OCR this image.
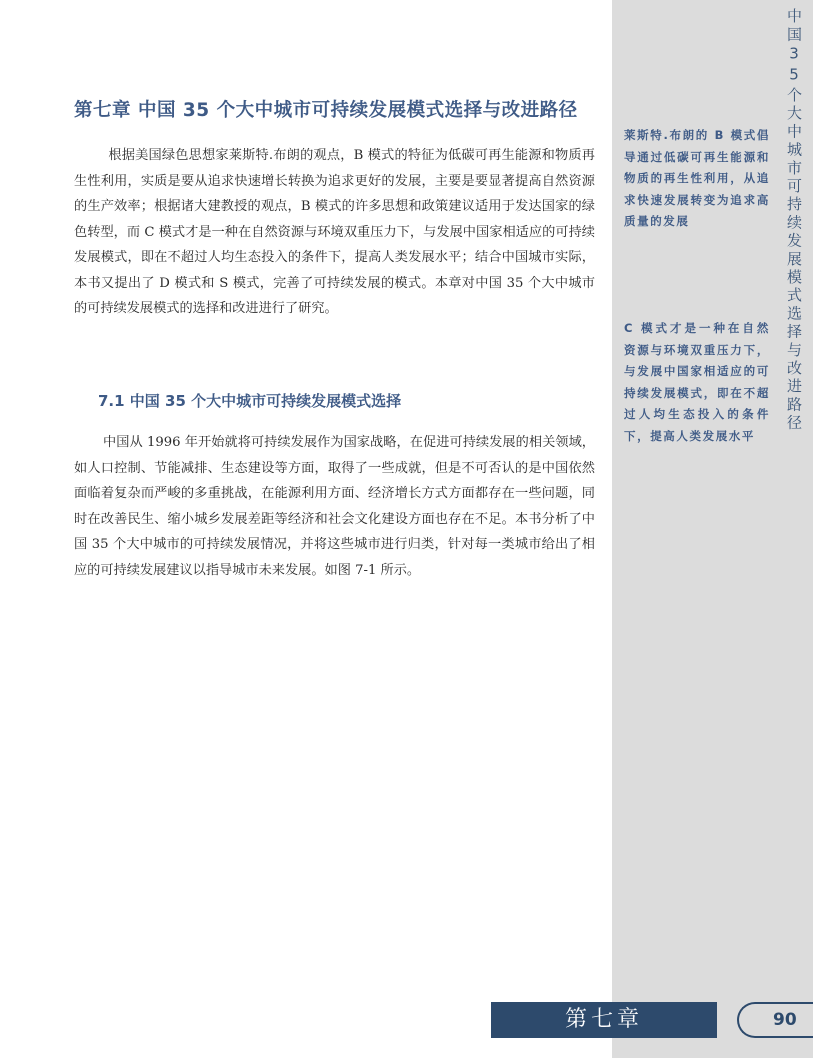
中国35个大中城市可持续发展模式选择与改进路径
第七章 中国 35 个大中城市可持续发展模式选择与改进路径

根据美国绿色思想家莱斯特.布朗的观点，B 模式的特征为低碳可再生能源和物质再生性利用，实质是要从追求快速增长转换为追求更好的发展，主要是要显著提高自然资源的生产效率；根据诸大建教授的观点，B 模式的许多思想和政策建议适用于发达国家的绿色转型，而 C 模式才是一种在自然资源与环境双重压力下，与发展中国家相适应的可持续发展模式，即在不超过人均生态投入的条件下，提高人类发展水平；结合中国城市实际，本书又提出了 D 模式和 S 模式，完善了可持续发展的模式。本章对中国 35 个大中城市的可持续发展模式的选择和改进进行了研究。

7.1 中国 35 个大中城市可持续发展模式选择

中国从 1996 年开始就将可持续发展作为国家战略，在促进可持续发展的相关领域，如人口控制、节能减排、生态建设等方面，取得了一些成就，但是不可否认的是中国依然面临着复杂而严峻的多重挑战，在能源利用方面、经济增长方式方面都存在一些问题，同时在改善民生、缩小城乡发展差距等经济和社会文化建设方面也存在不足。本书分析了中国 35 个大中城市的可持续发展情况，并将这些城市进行归类，针对每一类城市给出了相应的可持续发展建议以指导城市未来发展。如图 7-1 所示。

莱斯特.布朗的 B 模式倡导通过低碳可再生能源和物质的再生性利用，从追求快速发展转变为追求高质量的发展

C 模式才是一种在自然资源与环境双重压力下，与发展中国家相适应的可持续发展模式，即在不超过人均生态投入的条件下，提高人类发展水平

第七章	90
